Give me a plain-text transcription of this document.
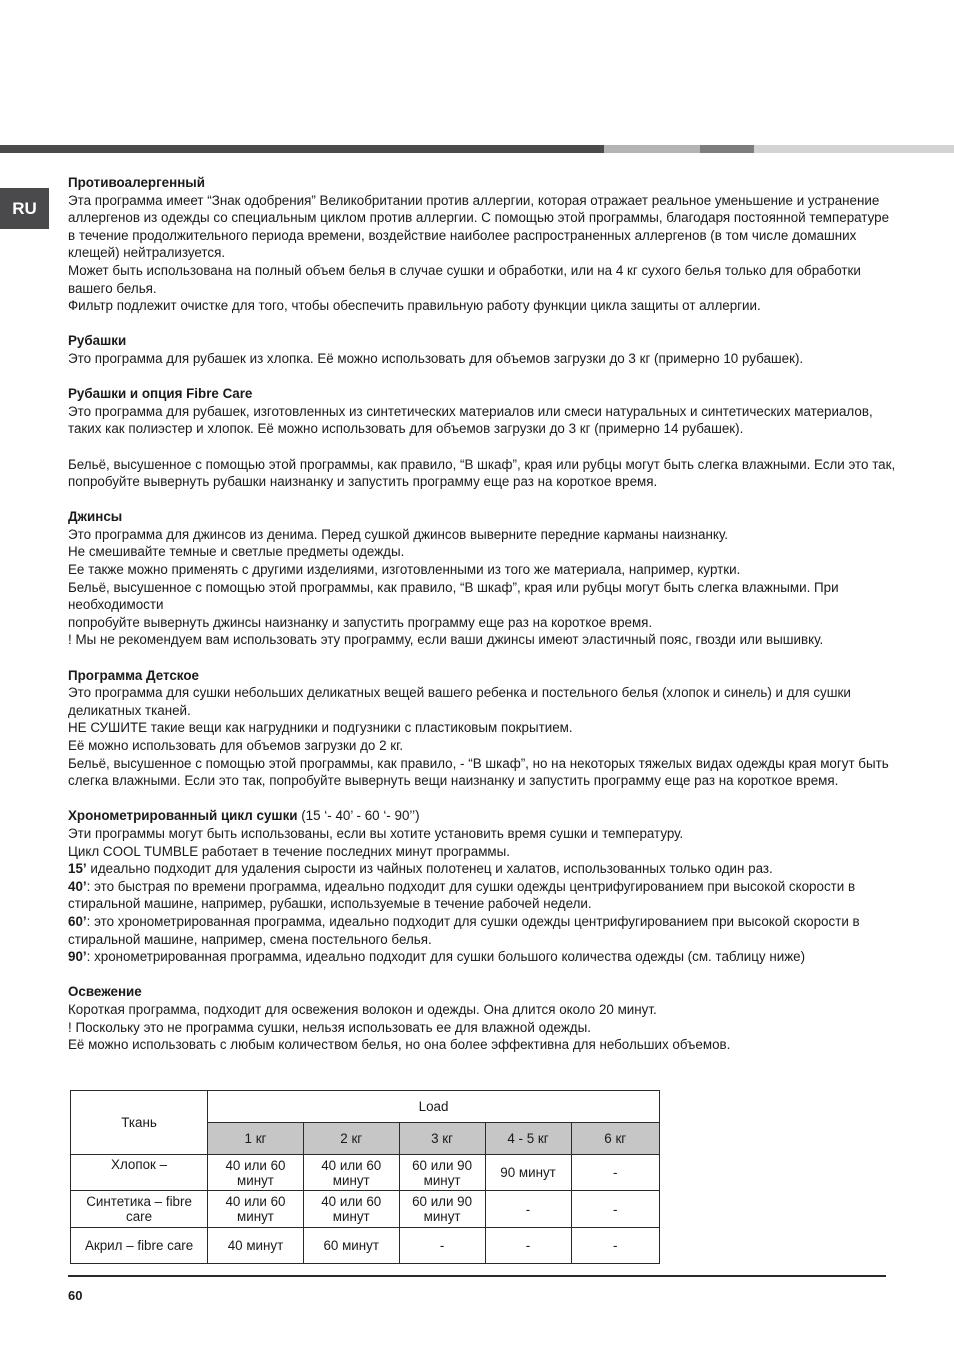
RU
Противоалергенный

Эта программа имеет “Знак одобрения” Великобритании против аллергии, которая отражает реальное уменьшение и устранение аллергенов из одежды со специальным циклом против аллергии. С помощью этой программы, благодаря постоянной температуре в течение продолжительного периода времени, воздействие наиболее распространенных аллергенов (в том числе домашних клещей) нейтрализуется.

Может быть использована на полный объем белья в случае сушки и обработки, или на 4 кг сухого белья только для обработки вашего белья.

Фильтр подлежит очистке для того, чтобы обеспечить правильную работу функции цикла защиты от аллергии.

Рубашки

Это программа для рубашек из хлопка. Её можно использовать для объемов загрузки до 3 кг (примерно 10 рубашек).

Рубашки и опция Fibre Care

Это программа для рубашек, изготовленных из синтетических материалов или смеси натуральных и синтетических материалов, таких как полиэстер и хлопок. Её можно использовать для объемов загрузки до 3 кг (примерно 14 рубашек).

Бельё, высушенное с помощью этой программы, как правило, “В шкаф”, края или рубцы могут быть слегка влажными. Если это так, попробуйте вывернуть рубашки наизнанку и запустить программу еще раз на короткое время.

Джинсы

Это программа для джинсов из денима. Перед сушкой джинсов выверните передние карманы наизнанку.

Не смешивайте темные и светлые предметы одежды.

Ее также можно применять с другими изделиями, изготовленными из того же материала, например, куртки.

Бельё, высушенное с помощью этой программы, как правило, “В шкаф”, края или рубцы могут быть слегка влажными. При необходимости

попробуйте вывернуть джинсы наизнанку и запустить программу еще раз на короткое время.

! Мы не рекомендуем вам использовать эту программу, если ваши джинсы имеют эластичный пояс, гвозди или вышивку.

Программа Детское

Это программа для сушки небольших деликатных вещей вашего ребенка и постельного белья (хлопок и синель) и для сушки деликатных тканей.

НЕ СУШИТЕ такие вещи как нагрудники и подгузники с пластиковым покрытием.

Её можно использовать для объемов загрузки до 2 кг.

Бельё, высушенное с помощью этой программы, как правило, - “В шкаф”, но на некоторых тяжелых видах одежды края могут быть слегка влажными. Если это так, попробуйте вывернуть вещи наизнанку и запустить программу еще раз на короткое время.

Хронометрированный цикл сушки (15 ‘- 40’ - 60 ‘- 90’’)

Эти программы могут быть использованы, если вы хотите установить время сушки и температуру.

Цикл COOL TUMBLE работает в течение последних минут программы.

15’ идеально подходит для удаления сырости из чайных полотенец и халатов, использованных только один раз.

40’: это быстрая по времени программа, идеально подходит для сушки одежды центрифугированием при высокой скорости в стиральной машине, например, рубашки, используемые в течение рабочей недели.

60’: это хронометрированная программа, идеально подходит для сушки одежды центрифугированием при высокой скорости в стиральной машине, например, смена постельного белья.

90’: хронометрированная программа, идеально подходит для сушки большого количества одежды (см. таблицу ниже)

Освежение

Короткая программа, подходит для освежения волокон и одежды. Она длится около 20 минут.

! Поскольку это не программа сушки, нельзя использовать ее для влажной одежды.

Её можно использовать с любым количеством белья, но она более эффективна для небольших объемов.

Ткань	Load				
	1 кг	2 кг	3 кг	4 - 5 кг	6 кг
Хлопок –	40 или 60 минут	40 или 60 минут	60 или 90 минут	90 минут	-
Синтетика – fibre care	40 или 60 минут	40 или 60 минут	60 или 90 минут	-	-
Акрил – fibre care	40 минут	60 минут	-	-	-
60
